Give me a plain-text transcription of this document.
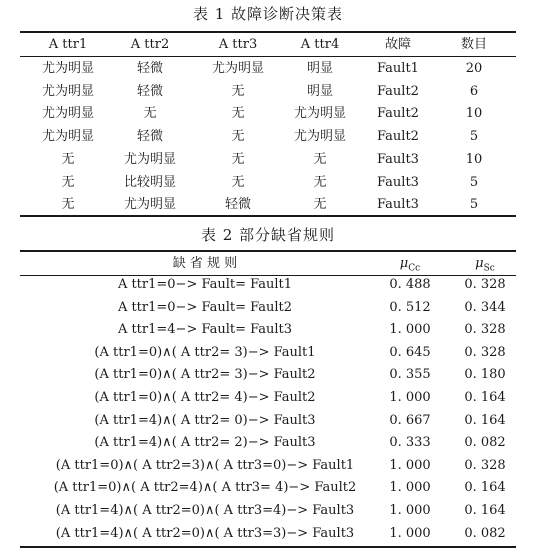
表 1 故障诊断决策表
A ttr1	A ttr2	A ttr3	A ttr4	故障	数目
尤为明显	轻微	尤为明显	明显	Fault1	20
尤为明显	轻微	无	明显	Fault2	6
尤为明显	无	无	尤为明显	Fault2	10
尤为明显	轻微	无	尤为明显	Fault2	5
无	尤为明显	无	无	Fault3	10
无	比较明显	无	无	Fault3	5
无	尤为明显	轻微	无	Fault3	5
表 2 部分缺省规则
缺 省 规 则	$\mu_{Cc}$	$\mu_{Sc}$
A ttr1=0−> Fault= Fault1	0. 488	0. 328
A ttr1=0−> Fault= Fault2	0. 512	0. 344
A ttr1=4−> Fault= Fault3	1. 000	0. 328
(A ttr1=0)∧( A ttr2= 3)−> Fault1	0. 645	0. 328
(A ttr1=0)∧( A ttr2= 3)−> Fault2	0. 355	0. 180
(A ttr1=0)∧( A ttr2= 4)−> Fault2	1. 000	0. 164
(A ttr1=4)∧( A ttr2= 0)−> Fault3	0. 667	0. 164
(A ttr1=4)∧( A ttr2= 2)−> Fault3	0. 333	0. 082
(A ttr1=0)∧( A ttr2=3)∧( A ttr3=0)−> Fault1	1. 000	0. 328
(A ttr1=0)∧( A ttr2=4)∧( A ttr3= 4)−> Fault2	1. 000	0. 164
(A ttr1=4)∧( A ttr2=0)∧( A ttr3=4)−> Fault3	1. 000	0. 164
(A ttr1=4)∧( A ttr2=0)∧( A ttr3=3)−> Fault3	1. 000	0. 082
